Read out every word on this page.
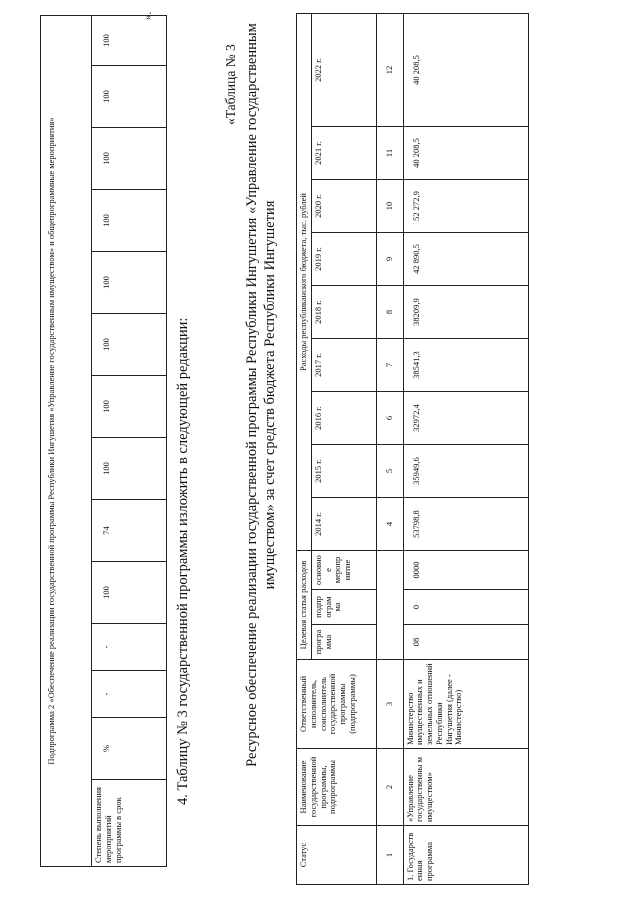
Подпрограмма 2 «Обеспечение реализации государственной программы Республики Ингушетия «Управление государственным имуществом» и общепрограммные мероприятия»
Степень выполнения мероприятий программы в срок	%	-	-	100	74	100	100	100	100	100	100	100	100
».
4. Таблицу № 3 государственной программы изложить в следующей редакции:
«Таблица № 3 Ресурсное обеспечение реализации государственной программы Республики Ингушетия «Управление государственным имуществом» за счет средств бюджета Республики Ингушетия
Статус	Наименование государственной программы, подпрограммы	Ответственный исполнитель, соисполнитель государственной программы (подпрограммы)	Целевая статья расходов			Расходы республиканского бюджета, тыс. рублей								
			програ мма	подпр ограм ма	основно е меропр иятие	2014 г.	2015 г.	2016 г.	2017 г.	2018 г.	2019 г.	2020 г.	2021 г.	2022 г.

1	2	3				4	5	6	7	8	9	10	11	12
1. Государств енная программа	«Управление государственны м имуществом»	Министерство имущественных и земельных отношений Республики Ингушетия (далее - Министерство)	08	0	0000	53798,8	35949,6	32972,4	38541,3	38209,9	42 890,5	52 272,9	40 208,5	40 208,5
